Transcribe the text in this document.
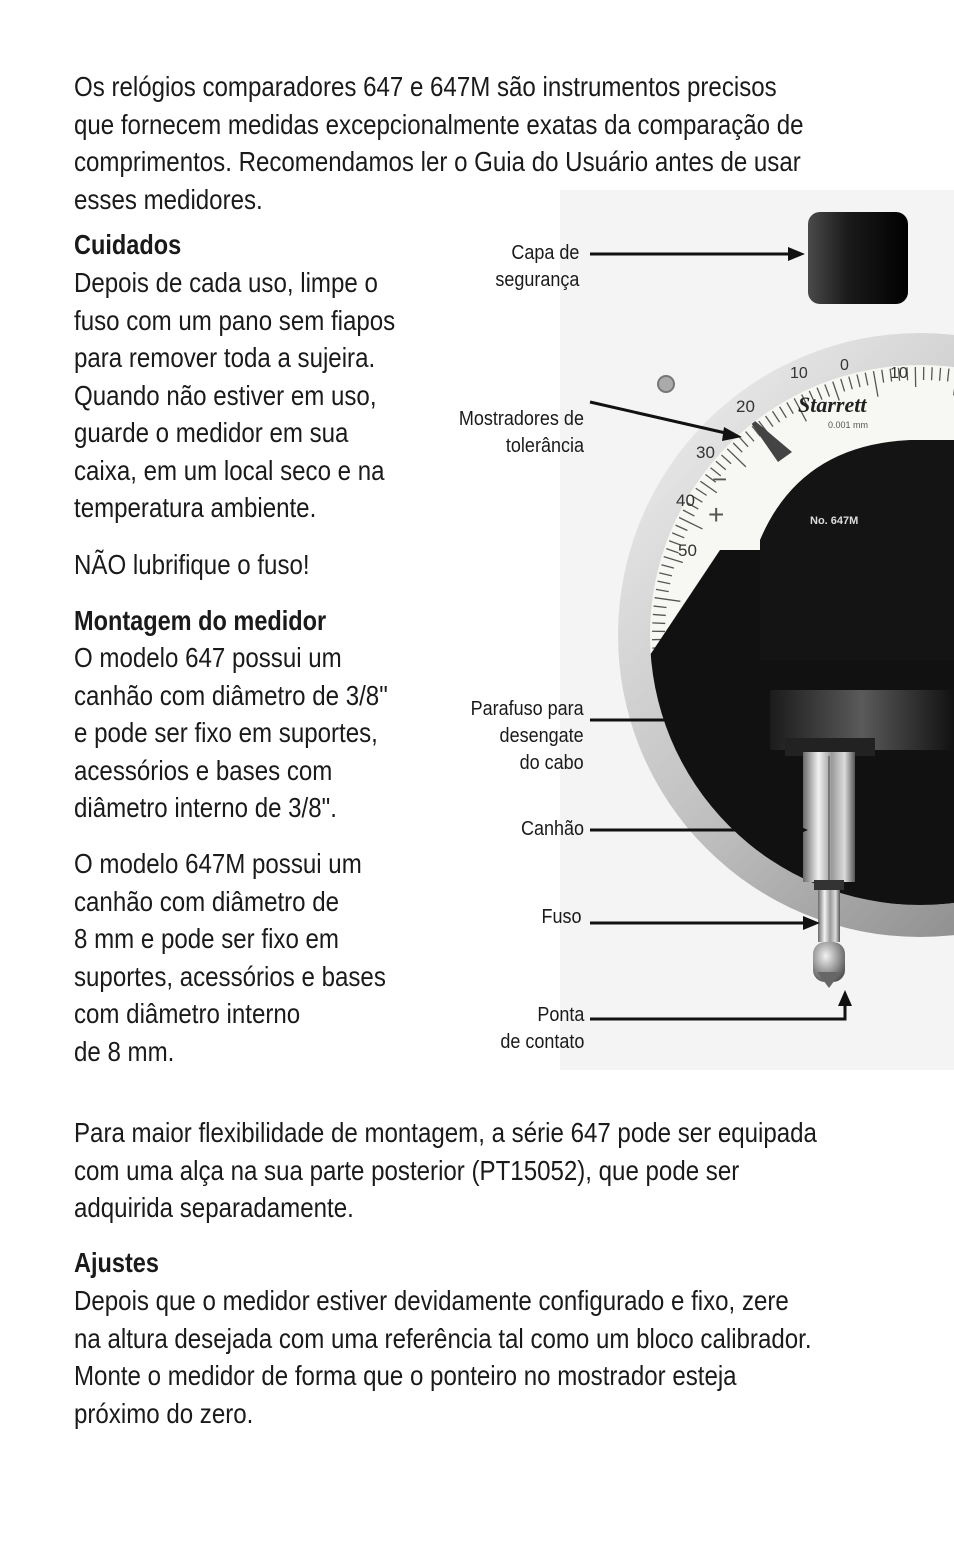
Os relógios comparadores 647 e 647M são instrumentos precisos
que fornecem medidas excepcionalmente exatas da comparação de
comprimentos. Recomendamos ler o Guia do Usuário antes de usar
esses medidores.

Cuidados

Depois de cada uso, limpe o
fuso com um pano sem fiapos
para remover toda a sujeira.
Quando não estiver em uso,
guarde o medidor em sua
caixa, em um local seco e na
temperatura ambiente.

NÃO lubrifique o fuso!

Montagem do medidor

O modelo 647 possui um
canhão com diâmetro de 3/8"
e pode ser fixo em suportes,
acessórios e bases com
diâmetro interno de 3/8".

O modelo 647M possui um
canhão com diâmetro de
8 mm e pode ser fixo em
suportes, acessórios e bases
com diâmetro interno
de 8 mm.

Para maior flexibilidade de montagem, a série 647 pode ser equipada
com uma alça na sua parte posterior (PT15052), que pode ser
adquirida separadamente.

Ajustes

Depois que o medidor estiver devidamente configurado e fixo, zere
na altura desejada com uma referência tal como um bloco calibrador.
Monte o medidor de forma que o ponteiro no mostrador esteja
próximo do zero.

10 0	10
20
30
40
50
−
+
Starrett
0.001 mm
No. 647M
Capa de
segurança
Mostradores de
tolerância
Parafuso para
desengate
do cabo
Canhão
Fuso
Ponta
de contato
